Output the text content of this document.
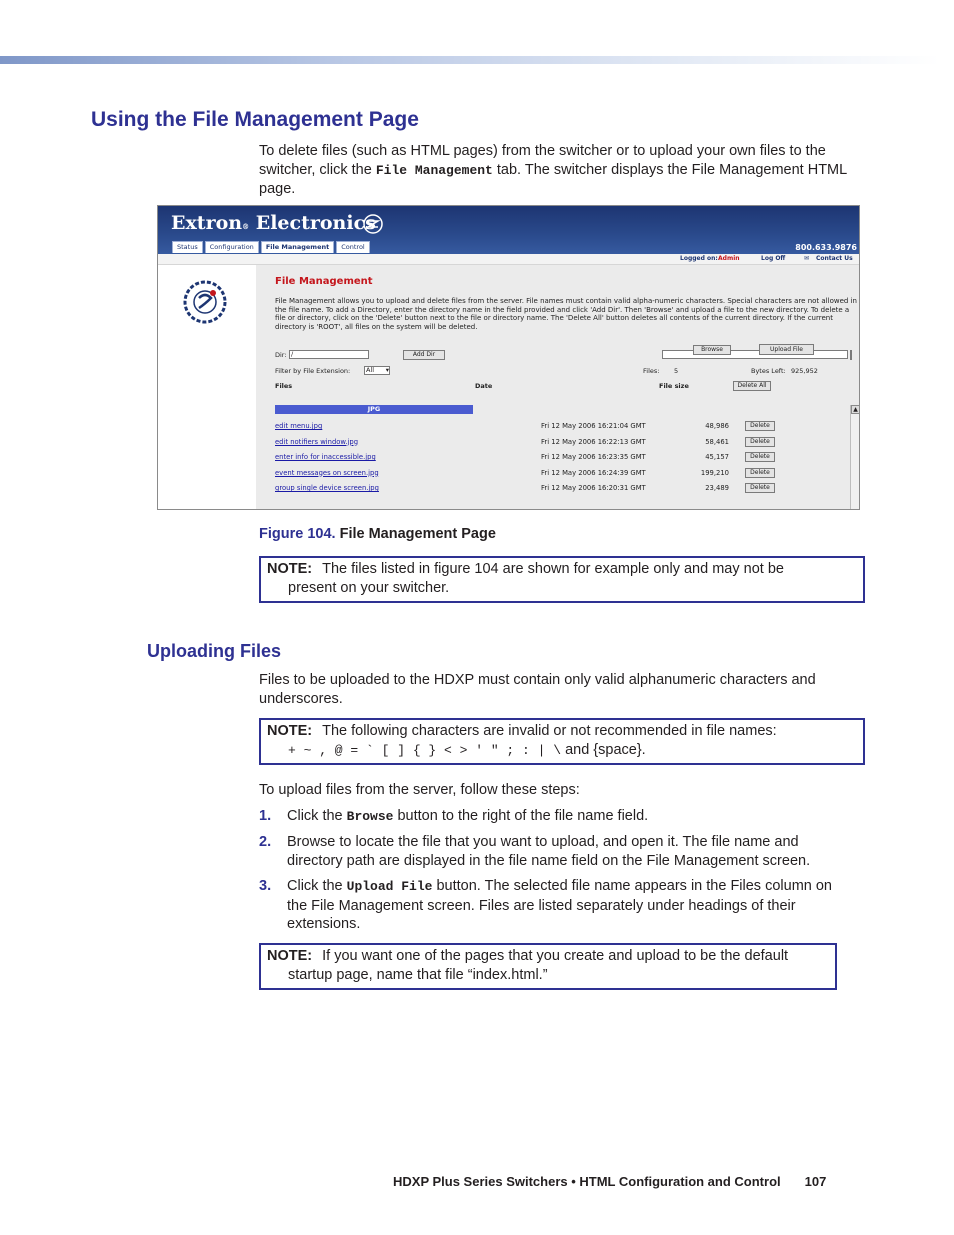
Using the File Management Page

To delete files (such as HTML pages) from the switcher or to upload your own files to the switcher, click the File Management tab. The switcher displays the File Management HTML page.

Extron® Electronics
Status	Configuration	File Management	Control	800.633.9876
Logged on: Admin	Log Off	✉ Contact Us
File Management
File Management allows you to upload and delete files from the server. File names must contain valid alpha-numeric characters. Special characters are not allowed in the file name. To add a Directory, enter the directory name in the field provided and click 'Add Dir'. Then 'Browse' and upload a file to the new directory. To delete a file or directory, click on the 'Delete' button next to the file or directory name. The 'Delete All' button deletes all contents of the current directory. If the current directory is 'ROOT', all files on the system will be deleted.
Dir: /	Add Dir
Filter by File Extension:	All ▾	Files: 5	Bytes Left: 925,952
Files	Date	File size	Delete All
JPG
edit menu.jpg	Fri 12 May 2006 16:21:04 GMT	48,986	Delete
edit notifiers window.jpg	Fri 12 May 2006 16:22:13 GMT	58,461	Delete
enter info for inaccessible.jpg	Fri 12 May 2006 16:23:35 GMT	45,157	Delete
event messages on screen.jpg	Fri 12 May 2006 16:24:39 GMT	199,210	Delete
group single device screen.jpg	Fri 12 May 2006 16:20:31 GMT	23,489	Delete
▲
Browse	Upload File
Figure 104. File Management Page
NOTE: The files listed in figure 104 are shown for example only and may not be
present on your switcher.
Uploading Files

Files to be uploaded to the HDXP must contain only valid alphanumeric characters and underscores.

NOTE: The following characters are invalid or not recommended in file names:
+ ~ , @ = ` [ ] { } < > ' " ; : | \ and {space}.

To upload files from the server, follow these steps:

1. Click the Browse button to the right of the file name field.
2. Browse to locate the file that you want to upload, and open it. The file name and directory path are displayed in the file name field on the File Management screen.
3. Click the Upload File button. The selected file name appears in the Files column on the File Management screen. Files are listed separately under headings of their extensions.
NOTE: If you want one of the pages that you create and upload to be the default
startup page, name that file “index.html.”
HDXP Plus Series Switchers • HTML Configuration and Control 107
